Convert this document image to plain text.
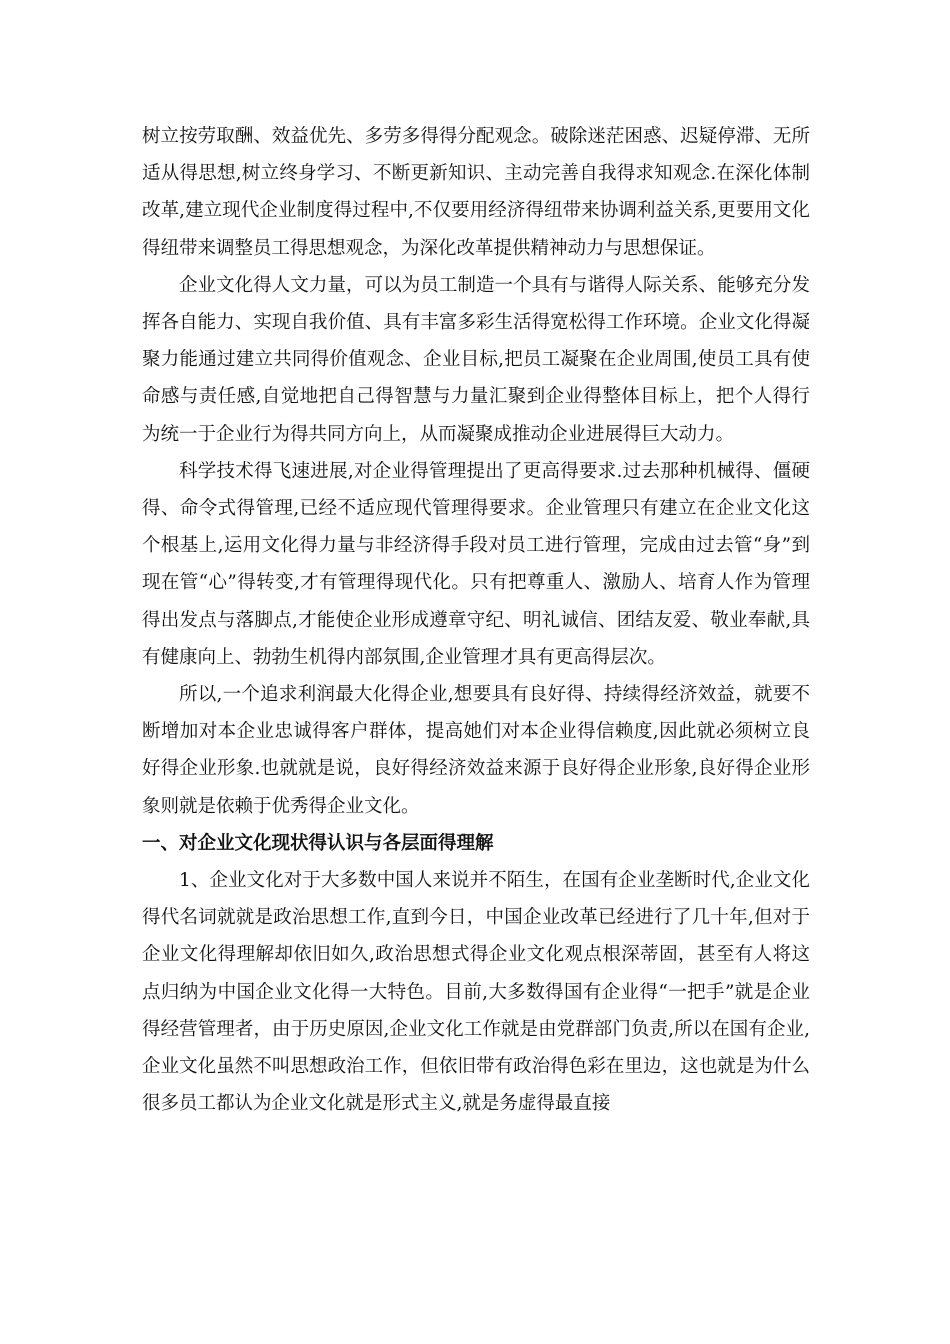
树立按劳取酬、效益优先、多劳多得得分配观念。破除迷茫困惑、迟疑停滞、无所适从得思想,树立终身学习、不断更新知识、主动完善自我得求知观念.在深化体制改革,建立现代企业制度得过程中,不仅要用经济得纽带来协调利益关系,更要用文化得纽带来调整员工得思想观念，为深化改革提供精神动力与思想保证。

企业文化得人文力量，可以为员工制造一个具有与谐得人际关系、能够充分发挥各自能力、实现自我价值、具有丰富多彩生活得宽松得工作环境。企业文化得凝聚力能通过建立共同得价值观念、企业目标,把员工凝聚在企业周围,使员工具有使命感与责任感,自觉地把自己得智慧与力量汇聚到企业得整体目标上，把个人得行为统一于企业行为得共同方向上，从而凝聚成推动企业进展得巨大动力。

科学技术得飞速进展,对企业得管理提出了更高得要求.过去那种机械得、僵硬得、命令式得管理,已经不适应现代管理得要求。企业管理只有建立在企业文化这个根基上,运用文化得力量与非经济得手段对员工进行管理，完成由过去管“身”到现在管“心”得转变,才有管理得现代化。只有把尊重人、激励人、培育人作为管理得出发点与落脚点,才能使企业形成遵章守纪、明礼诚信、团结友爱、敬业奉献,具有健康向上、勃勃生机得内部氛围,企业管理才具有更高得层次。

所以,一个追求利润最大化得企业,想要具有良好得、持续得经济效益，就要不断增加对本企业忠诚得客户群体，提高她们对本企业得信赖度,因此就必须树立良好得企业形象.也就就是说，良好得经济效益来源于良好得企业形象,良好得企业形象则就是依赖于优秀得企业文化。

一、对企业文化现状得认识与各层面得理解

1、企业文化对于大多数中国人来说并不陌生，在国有企业垄断时代,企业文化得代名词就就是政治思想工作,直到今日，中国企业改革已经进行了几十年,但对于企业文化得理解却依旧如久,政治思想式得企业文化观点根深蒂固，甚至有人将这点归纳为中国企业文化得一大特色。目前,大多数得国有企业得“一把手”就是企业得经营管理者，由于历史原因,企业文化工作就是由党群部门负责,所以在国有企业,企业文化虽然不叫思想政治工作，但依旧带有政治得色彩在里边，这也就是为什么很多员工都认为企业文化就是形式主义,就是务虚得最直接
